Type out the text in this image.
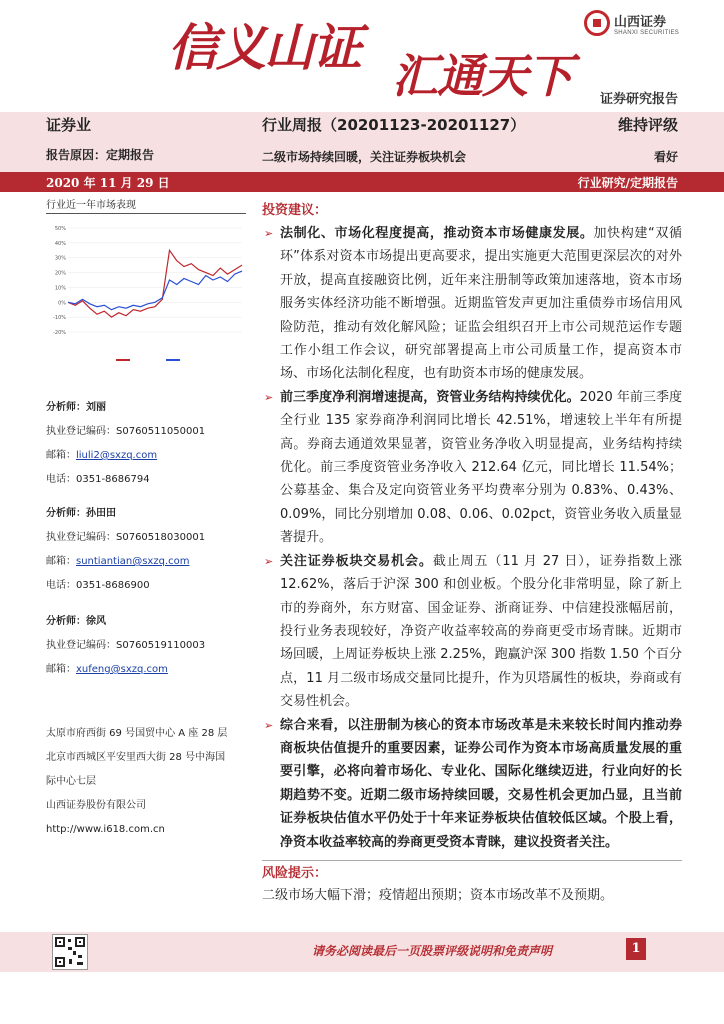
信义山证 汇通天下
山西证券
SHANXI SECURITIES
证券研究报告
证券业	行业周报（20201123-20201127）	维持评级
报告原因：定期报告	二级市场持续回暖，关注证券板块机会	看好
2020 年 11 月 29 日	行业研究/定期报告
行业近一年市场表现
50%
40%
30%
20%
10%
0%
-10%
-20%
分析师：刘丽
执业登记编码：S0760511050001
邮箱：liuli2@sxzq.com
电话：0351-8686794
分析师：孙田田
执业登记编码：S0760518030001
邮箱：suntiantian@sxzq.com
电话：0351-8686900
分析师：徐风
执业登记编码：S0760519110003
邮箱：xufeng@sxzq.com
太原市府西街 69 号国贸中心 A 座 28 层
北京市西城区平安里西大街 28 号中海国
际中心七层
山西证券股份有限公司
http://www.i618.com.cn
投资建议：
➢ 法制化、市场化程度提高，推动资本市场健康发展。加快构建“双循环”体系对资本市场提出更高要求，提出实施更大范围更深层次的对外开放，提高直接融资比例，近年来注册制等政策加速落地，资本市场服务实体经济功能不断增强。近期监管发声更加注重债券市场信用风险防范，推动有效化解风险；证监会组织召开上市公司规范运作专题工作小组工作会议，研究部署提高上市公司质量工作，提高资本市场、市场化法制化程度，也有助资本市场的健康发展。
➢ 前三季度净利润增速提高，资管业务结构持续优化。2020 年前三季度全行业 135 家券商净利润同比增长 42.51%，增速较上半年有所提高。券商去通道效果显著，资管业务净收入明显提高，业务结构持续优化。前三季度资管业务净收入 212.64 亿元，同比增长 11.54%；公募基金、集合及定向资管业务平均费率分别为 0.83%、0.43%、0.09%，同比分别增加 0.08、0.06、0.02pct，资管业务收入质量显著提升。
➢ 关注证券板块交易机会。截止周五（11 月 27 日），证券指数上涨 12.62%，落后于沪深 300 和创业板。个股分化非常明显，除了新上市的券商外，东方财富、国金证券、浙商证券、中信建投涨幅居前，投行业务表现较好，净资产收益率较高的券商更受市场青睐。近期市场回暖，上周证券板块上涨 2.25%，跑赢沪深 300 指数 1.50 个百分点，11 月二级市场成交量同比提升，作为贝塔属性的板块，券商或有交易性机会。
➢ 综合来看，以注册制为核心的资本市场改革是未来较长时间内推动券商板块估值提升的重要因素，证券公司作为资本市场高质量发展的重要引擎，必将向着市场化、专业化、国际化继续迈进，行业向好的长期趋势不变。近期二级市场持续回暖，交易性机会更加凸显，且当前证券板块估值水平仍处于十年来证券板块估值较低区域。个股上看，净资本收益率较高的券商更受资本青睐，建议投资者关注。
风险提示：
二级市场大幅下滑；疫情超出预期；资本市场改革不及预期。
请务必阅读最后一页股票评级说明和免责声明	1
